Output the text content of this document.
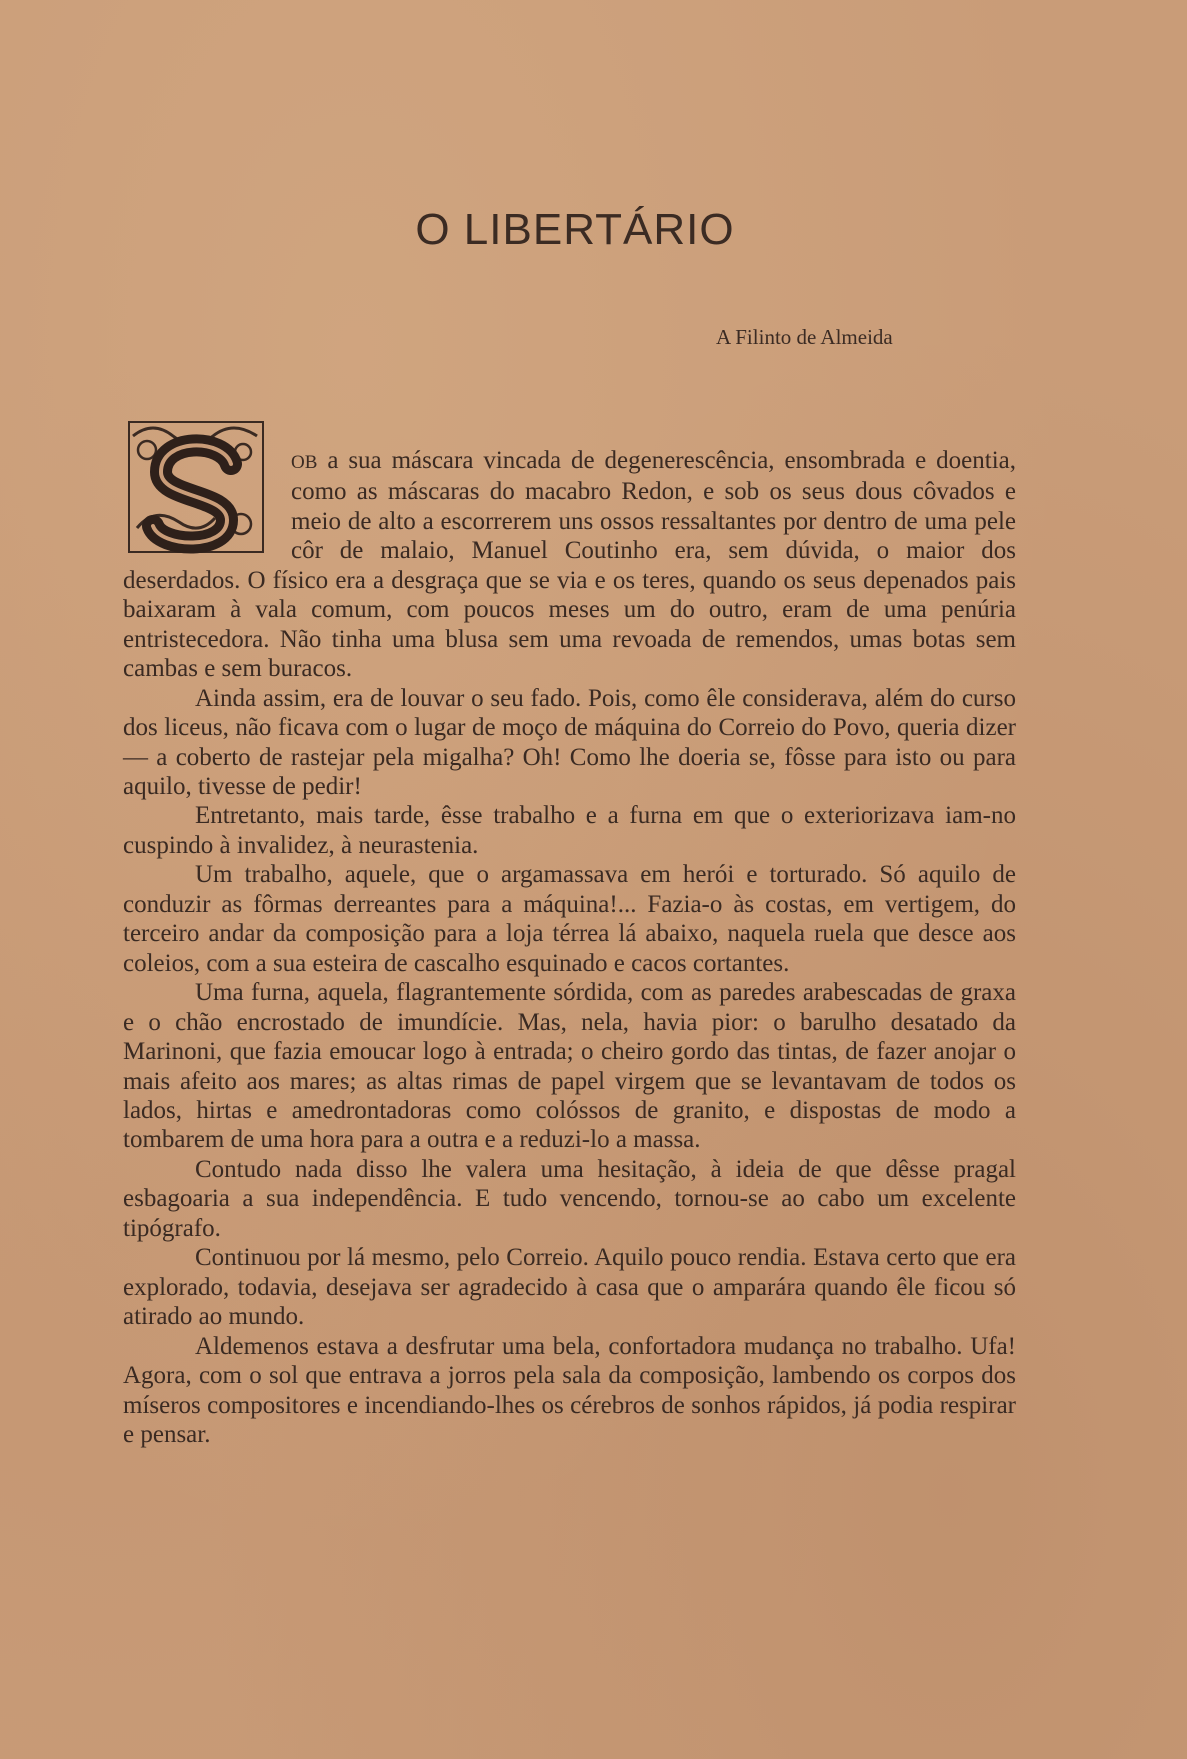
O LIBERTÁRIO
A Filinto de Almeida

OB a sua máscara vincada de degenerescência, ensombrada e doentia, como as máscaras do macabro Redon, e sob os seus dous côvados e meio de alto a escorrerem uns ossos ressaltantes por dentro de uma pele côr de malaio, Manuel Coutinho era, sem dúvida, o maior dos deserdados. O físico era a desgraça que se via e os teres, quando os seus depenados pais baixaram à vala comum, com poucos meses um do outro, eram de uma penúria entristecedora. Não tinha uma blusa sem uma revoada de remendos, umas botas sem cambas e sem buracos.

Ainda assim, era de louvar o seu fado. Pois, como êle considerava, além do curso dos liceus, não ficava com o lugar de moço de máquina do Correio do Povo, queria dizer — a coberto de rastejar pela migalha? Oh! Como lhe doeria se, fôsse para isto ou para aquilo, tivesse de pedir!

Entretanto, mais tarde, êsse trabalho e a furna em que o exteriorizava iam-no cuspindo à invalidez, à neurastenia.

Um trabalho, aquele, que o argamassava em herói e torturado. Só aquilo de conduzir as fôrmas derreantes para a máquina!... Fazia-o às costas, em vertigem, do terceiro andar da composição para a loja térrea lá abaixo, naquela ruela que desce aos coleios, com a sua esteira de cascalho esquinado e cacos cortantes.

Uma furna, aquela, flagrantemente sórdida, com as paredes arabescadas de graxa e o chão encrostado de imundície. Mas, nela, havia pior: o barulho desatado da Marinoni, que fazia emoucar logo à entrada; o cheiro gordo das tintas, de fazer anojar o mais afeito aos mares; as altas rimas de papel virgem que se levantavam de todos os lados, hirtas e amedrontadoras como colóssos de granito, e dispostas de modo a tombarem de uma hora para a outra e a reduzi-lo a massa.

Contudo nada disso lhe valera uma hesitação, à ideia de que dêsse pragal esbagoaria a sua independência. E tudo vencendo, tornou-se ao cabo um excelente tipógrafo.

Continuou por lá mesmo, pelo Correio. Aquilo pouco rendia. Estava certo que era explorado, todavia, desejava ser agradecido à casa que o amparára quando êle ficou só atirado ao mundo.

Aldemenos estava a desfrutar uma bela, confortadora mudança no trabalho. Ufa! Agora, com o sol que entrava a jorros pela sala da composição, lambendo os corpos dos míseros compositores e incendiando-lhes os cérebros de sonhos rápidos, já podia respirar e pensar.
